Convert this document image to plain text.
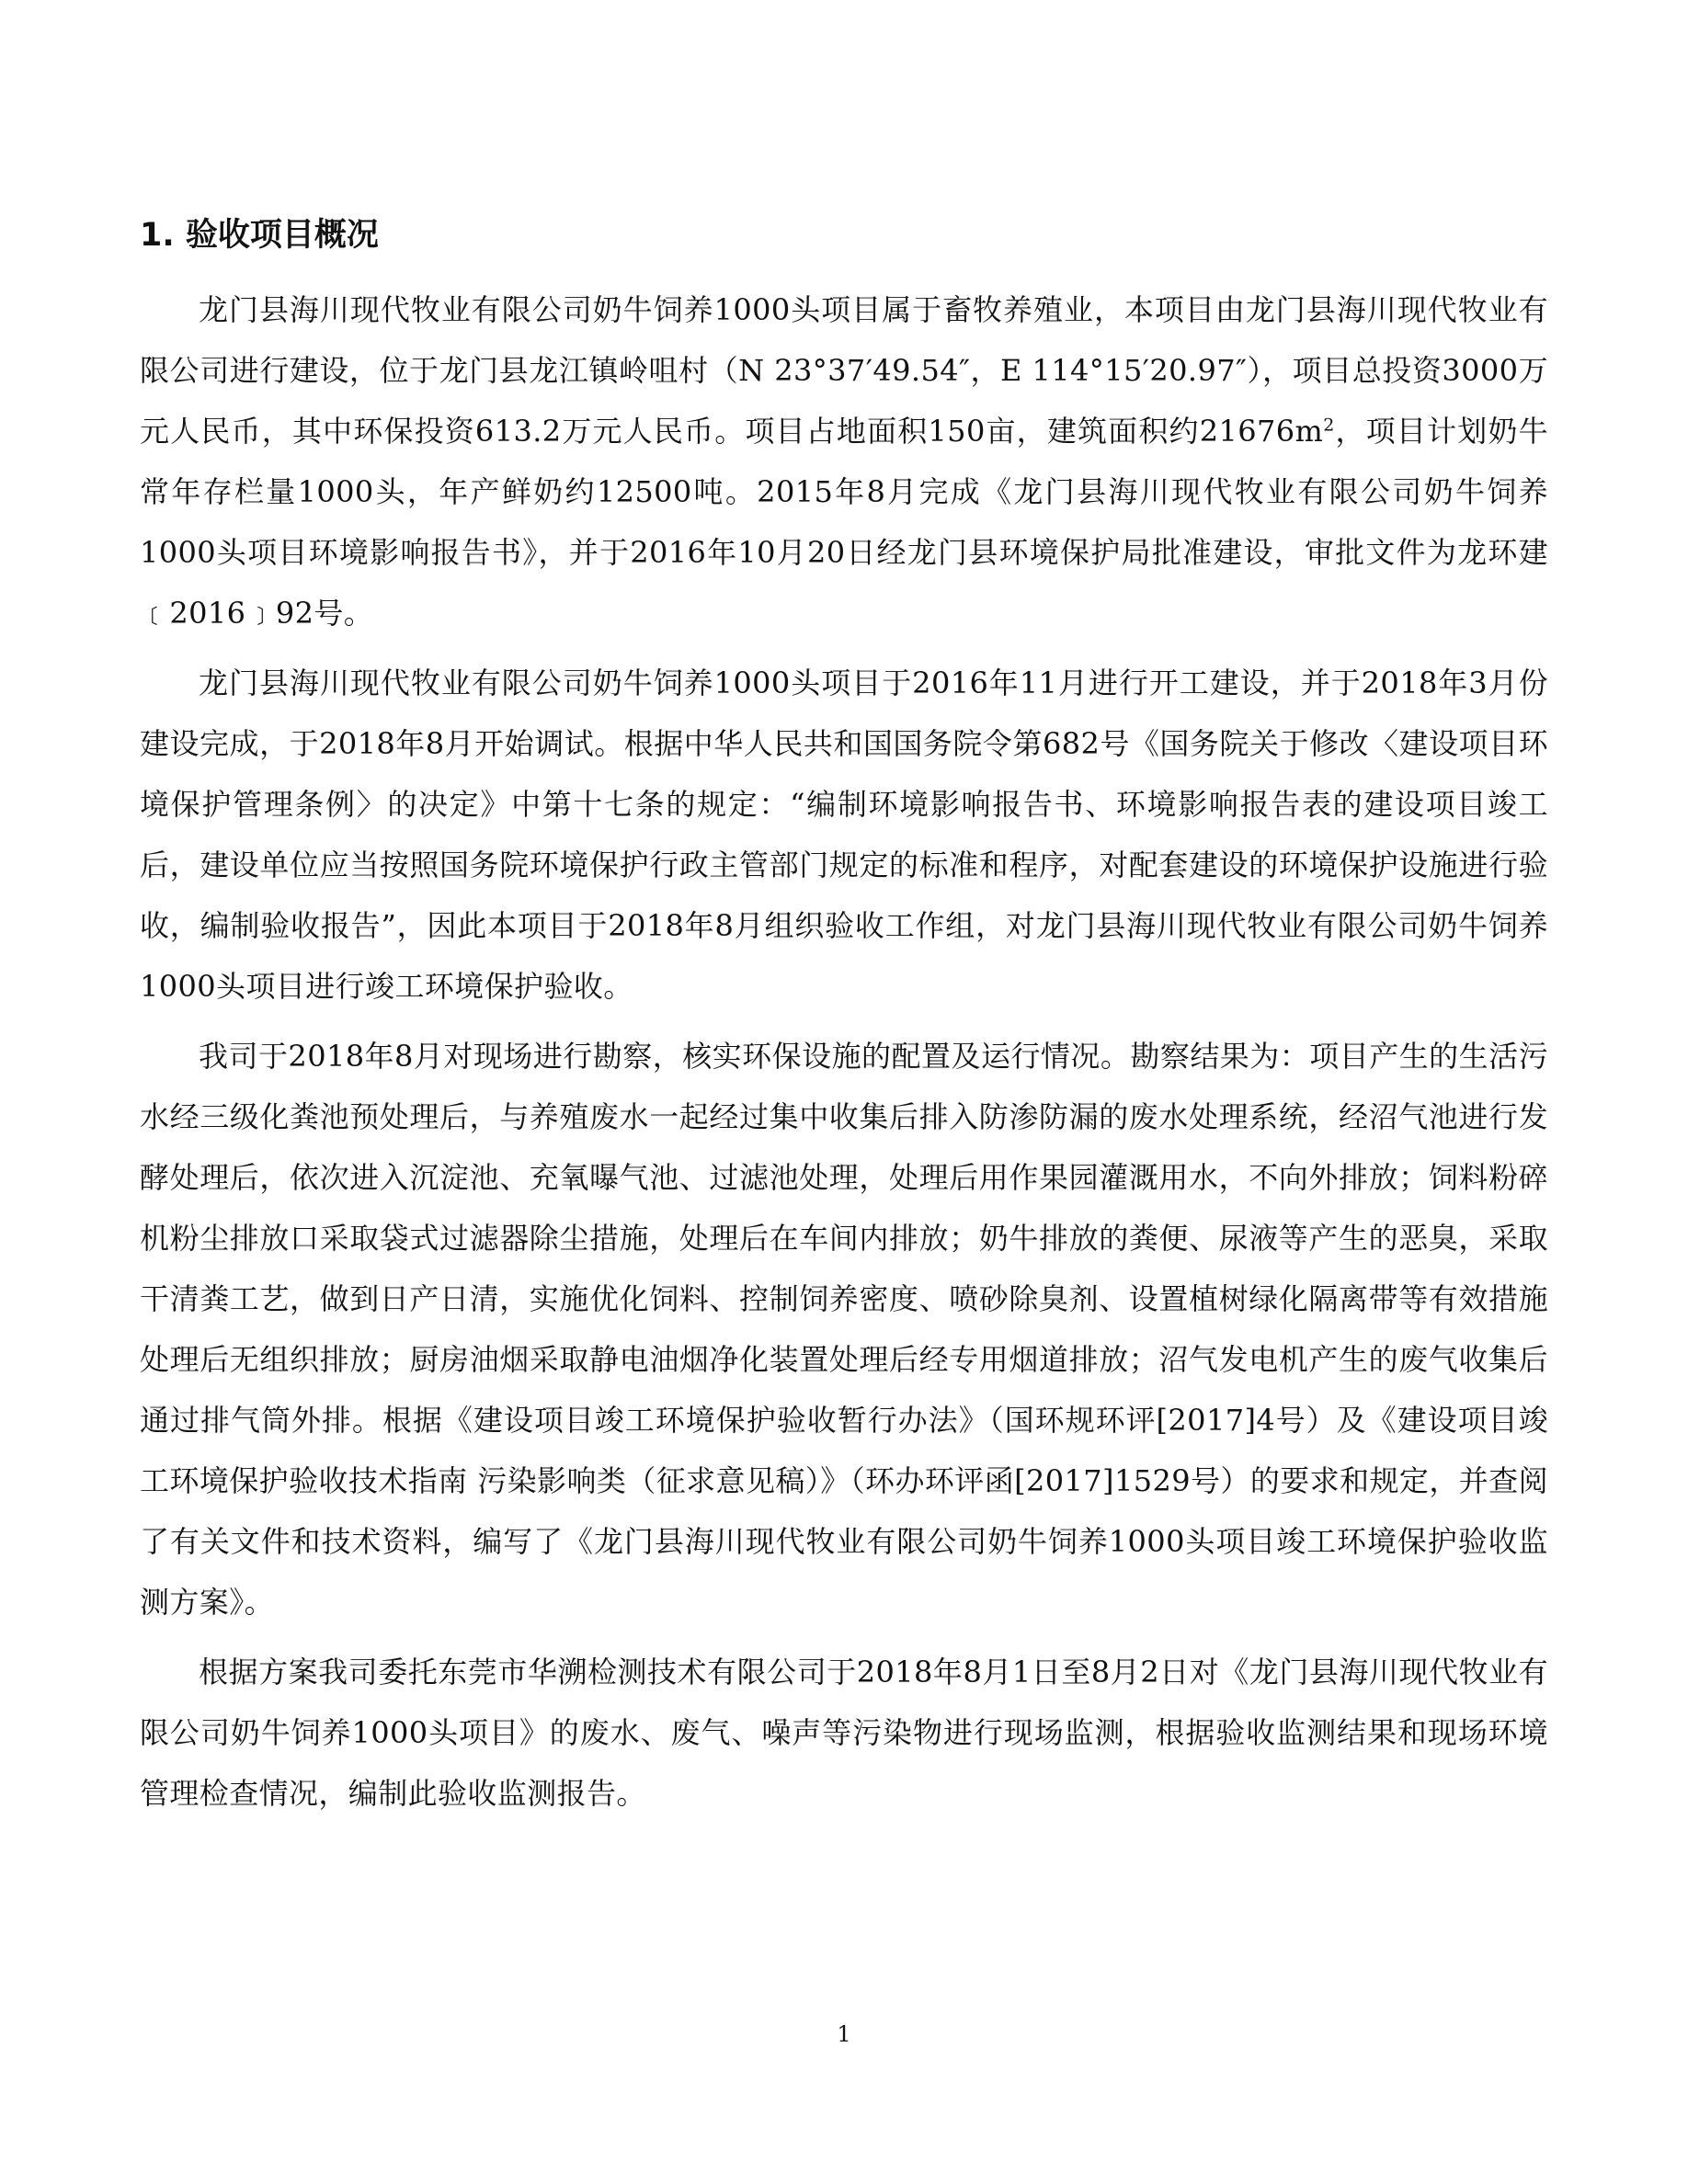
1. 验收项目概况

龙门县海川现代牧业有限公司奶牛饲养1000头项目属于畜牧养殖业，本项目由龙门县海川现代牧业有限公司进行建设，位于龙门县龙江镇岭咀村（N 23°37′49.54″，E 114°15′20.97″），项目总投资3000万元人民币，其中环保投资613.2万元人民币。项目占地面积150亩，建筑面积约$21676m^2$，项目计划奶牛常年存栏量1000头，年产鲜奶约12500吨。2015年8月完成《龙门县海川现代牧业有限公司奶牛饲养1000头项目环境影响报告书》，并于2016年10月20日经龙门县环境保护局批准建设，审批文件为龙环建﹝2016﹞92号。

龙门县海川现代牧业有限公司奶牛饲养1000头项目于2016年11月进行开工建设，并于2018年3月份建设完成，于2018年8月开始调试。根据中华人民共和国国务院令第682号《国务院关于修改〈建设项目环境保护管理条例〉的决定》中第十七条的规定：“编制环境影响报告书、环境影响报告表的建设项目竣工后，建设单位应当按照国务院环境保护行政主管部门规定的标准和程序，对配套建设的环境保护设施进行验收，编制验收报告”，因此本项目于2018年8月组织验收工作组，对龙门县海川现代牧业有限公司奶牛饲养1000头项目进行竣工环境保护验收。

我司于2018年8月对现场进行勘察，核实环保设施的配置及运行情况。勘察结果为：项目产生的生活污水经三级化粪池预处理后，与养殖废水一起经过集中收集后排入防渗防漏的废水处理系统，经沼气池进行发酵处理后，依次进入沉淀池、充氧曝气池、过滤池处理，处理后用作果园灌溉用水，不向外排放；饲料粉碎机粉尘排放口采取袋式过滤器除尘措施，处理后在车间内排放；奶牛排放的粪便、尿液等产生的恶臭，采取干清粪工艺，做到日产日清，实施优化饲料、控制饲养密度、喷砂除臭剂、设置植树绿化隔离带等有效措施处理后无组织排放；厨房油烟采取静电油烟净化装置处理后经专用烟道排放；沼气发电机产生的废气收集后通过排气筒外排。根据《建设项目竣工环境保护验收暂行办法》（国环规环评[2017]4号）及《建设项目竣工环境保护验收技术指南 污染影响类（征求意见稿）》（环办环评函[2017]1529号）的要求和规定，并查阅了有关文件和技术资料，编写了《龙门县海川现代牧业有限公司奶牛饲养1000头项目竣工环境保护验收监测方案》。

根据方案我司委托东莞市华溯检测技术有限公司于2018年8月1日至8月2日对《龙门县海川现代牧业有限公司奶牛饲养1000头项目》的废水、废气、噪声等污染物进行现场监测，根据验收监测结果和现场环境管理检查情况，编制此验收监测报告。

1
